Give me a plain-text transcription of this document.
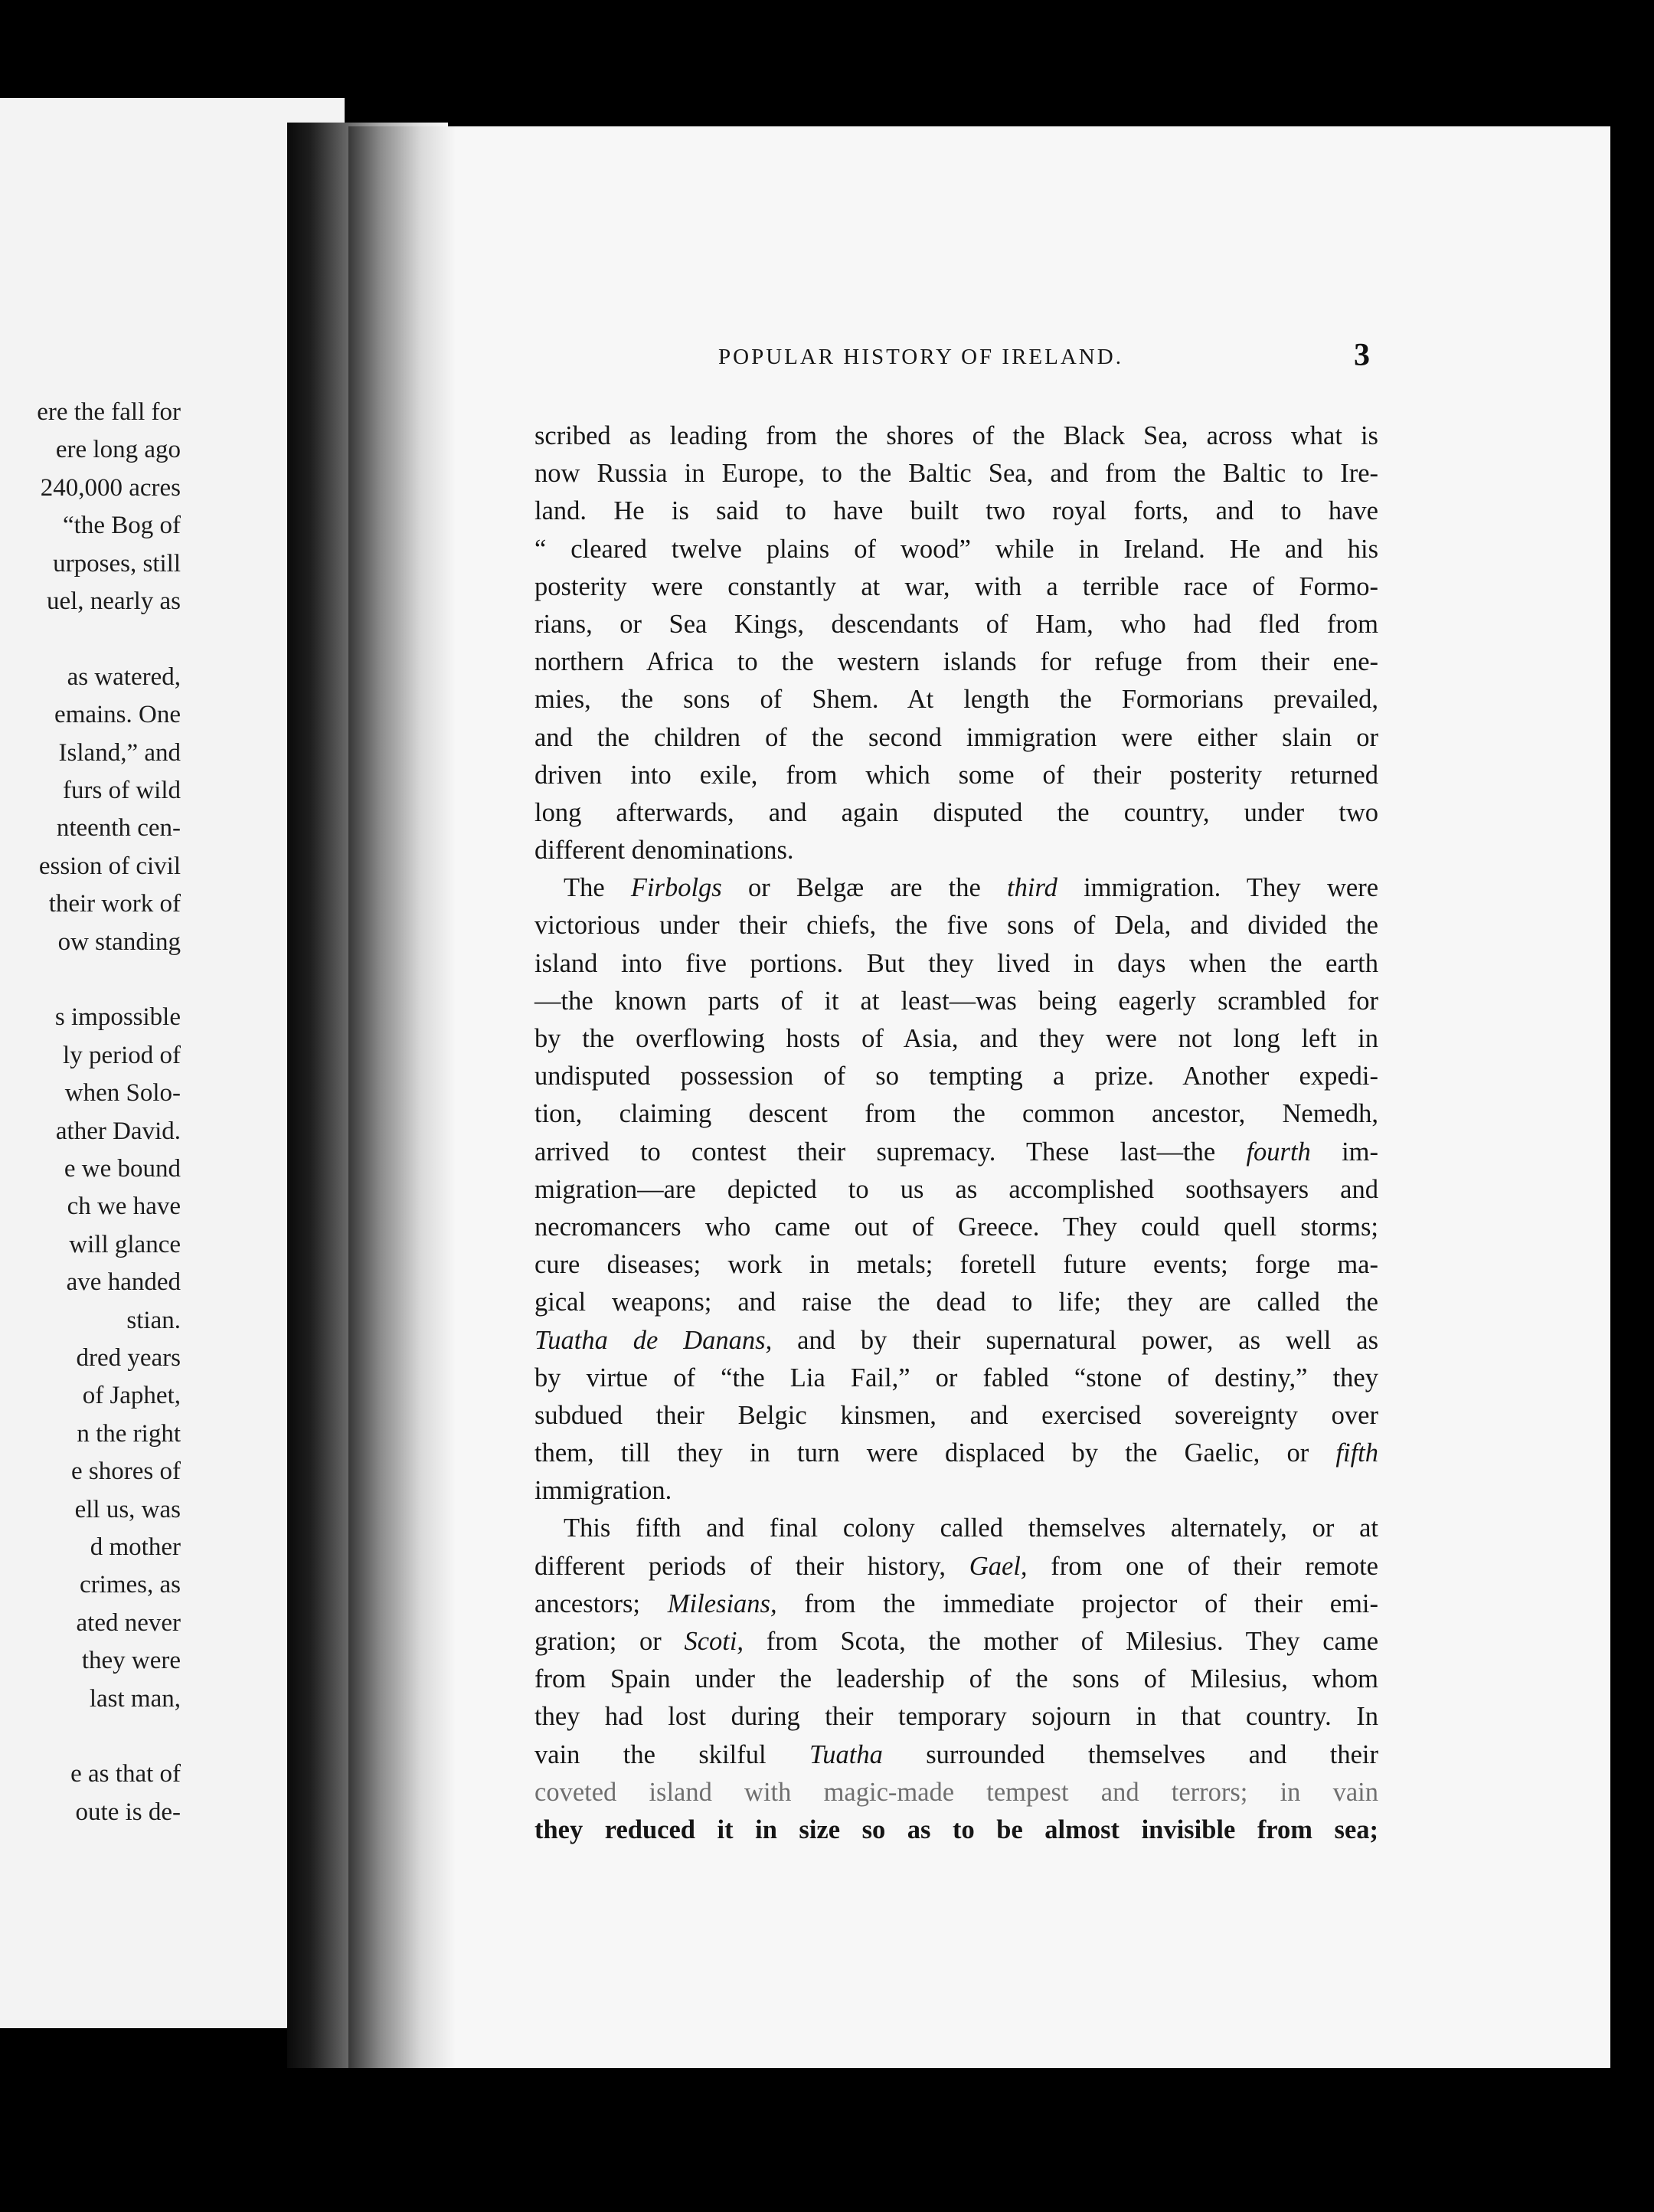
ere the fall for
ere long ago
240,000 acres
“the Bog of
urposes, still
uel, nearly as
as watered,
emains. One
Island,” and
furs of wild
nteenth cen-
ession of civil
their work of
ow standing
s impossible
ly period of
when Solo-
ather David.
e we bound
ch we have
will glance
ave handed
stian.
dred years
of Japhet,
n the right
e shores of
ell us, was
d mother
crimes, as
ated never
they were
last man,
e as that of
oute is de-
POPULAR HISTORY OF IRELAND.	3
scribed as leading from the shores of the Black Sea, across what is
now Russia in Europe, to the Baltic Sea, and from the Baltic to Ire-
land. He is said to have built two royal forts, and to have
“ cleared twelve plains of wood” while in Ireland. He and his
posterity were constantly at war, with a terrible race of Formo-
rians, or Sea Kings, descendants of Ham, who had fled from
northern Africa to the western islands for refuge from their ene-
mies, the sons of Shem. At length the Formorians prevailed,
and the children of the second immigration were either slain or
driven into exile, from which some of their posterity returned
long afterwards, and again disputed the country, under two
different denominations.
The Firbolgs or Belgæ are the third immigration. They were
victorious under their chiefs, the five sons of Dela, and divided the
island into five portions. But they lived in days when the earth
—the known parts of it at least—was being eagerly scrambled for
by the overflowing hosts of Asia, and they were not long left in
undisputed possession of so tempting a prize. Another expedi-
tion, claiming descent from the common ancestor, Nemedh,
arrived to contest their supremacy. These last—the fourth im-
migration—are depicted to us as accomplished soothsayers and
necromancers who came out of Greece. They could quell storms;
cure diseases; work in metals; foretell future events; forge ma-
gical weapons; and raise the dead to life; they are called the
Tuatha de Danans, and by their supernatural power, as well as
by virtue of “the Lia Fail,” or fabled “stone of destiny,” they
subdued their Belgic kinsmen, and exercised sovereignty over
them, till they in turn were displaced by the Gaelic, or fifth
immigration.
This fifth and final colony called themselves alternately, or at
different periods of their history, Gael, from one of their remote
ancestors; Milesians, from the immediate projector of their emi-
gration; or Scoti, from Scota, the mother of Milesius. They came
from Spain under the leadership of the sons of Milesius, whom
they had lost during their temporary sojourn in that country. In
vain the skilful Tuatha surrounded themselves and their
coveted island with magic-made tempest and terrors; in vain
they reduced it in size so as to be almost invisible from sea;
